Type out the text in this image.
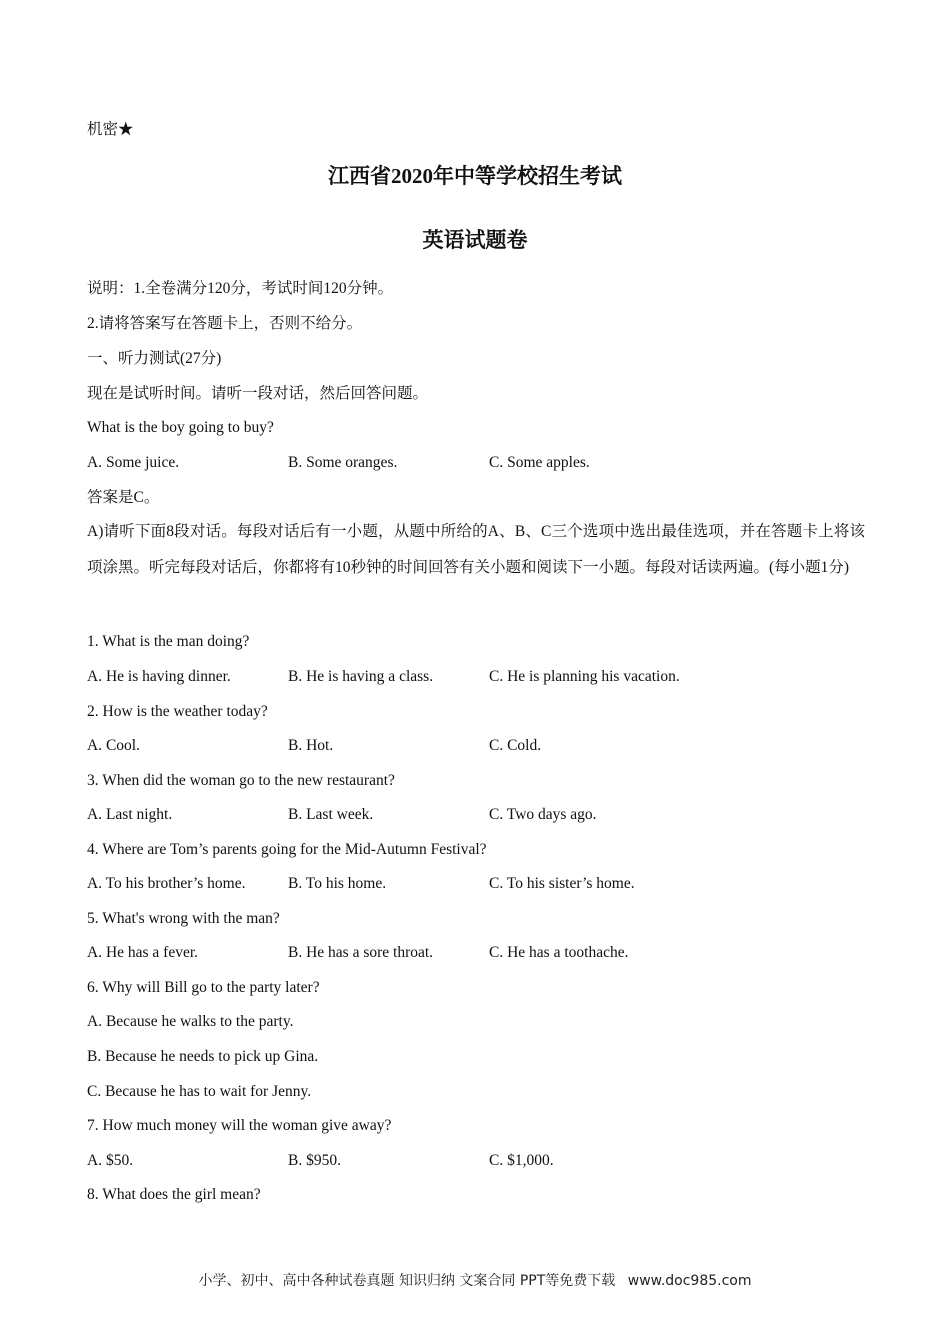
机密★
江西省2020年中等学校招生考试
英语试题卷
说明：1.全卷满分120分，考试时间120分钟。
2.请将答案写在答题卡上，否则不给分。
一、听力测试(27分)
现在是试听时间。请听一段对话，然后回答问题。
What is the boy going to buy?
A. Some juice.	B. Some oranges.	C. Some apples.
答案是C。
A)请听下面8段对话。每段对话后有一小题，从题中所给的A、B、C三个选项中选出最佳选项，并在答题卡上将该项涂黑。听完每段对话后，你都将有10秒钟的时间回答有关小题和阅读下一小题。每段对话读两遍。(每小题1分)
1. What is the man doing?
A. He is having dinner.	B. He is having a class.	C. He is planning his vacation.
2. How is the weather today?
A. Cool.	B. Hot.	C. Cold.
3. When did the woman go to the new restaurant?
A. Last night.	B. Last week.	C. Two days ago.
4. Where are Tom’s parents going for the Mid-Autumn Festival?
A. To his brother’s home.	B. To his home.	C. To his sister’s home.
5. What's wrong with the man?
A. He has a fever.	B. He has a sore throat.	C. He has a toothache.
6. Why will Bill go to the party later?
A. Because he walks to the party.
B. Because he needs to pick up Gina.
C. Because he has to wait for Jenny.
7. How much money will the woman give away?
A. $50.	B. $950.	C. $1,000.
8. What does the girl mean?
小学、初中、高中各种试卷真题 知识归纳 文案合同 PPT等免费下载 www.doc985.com
